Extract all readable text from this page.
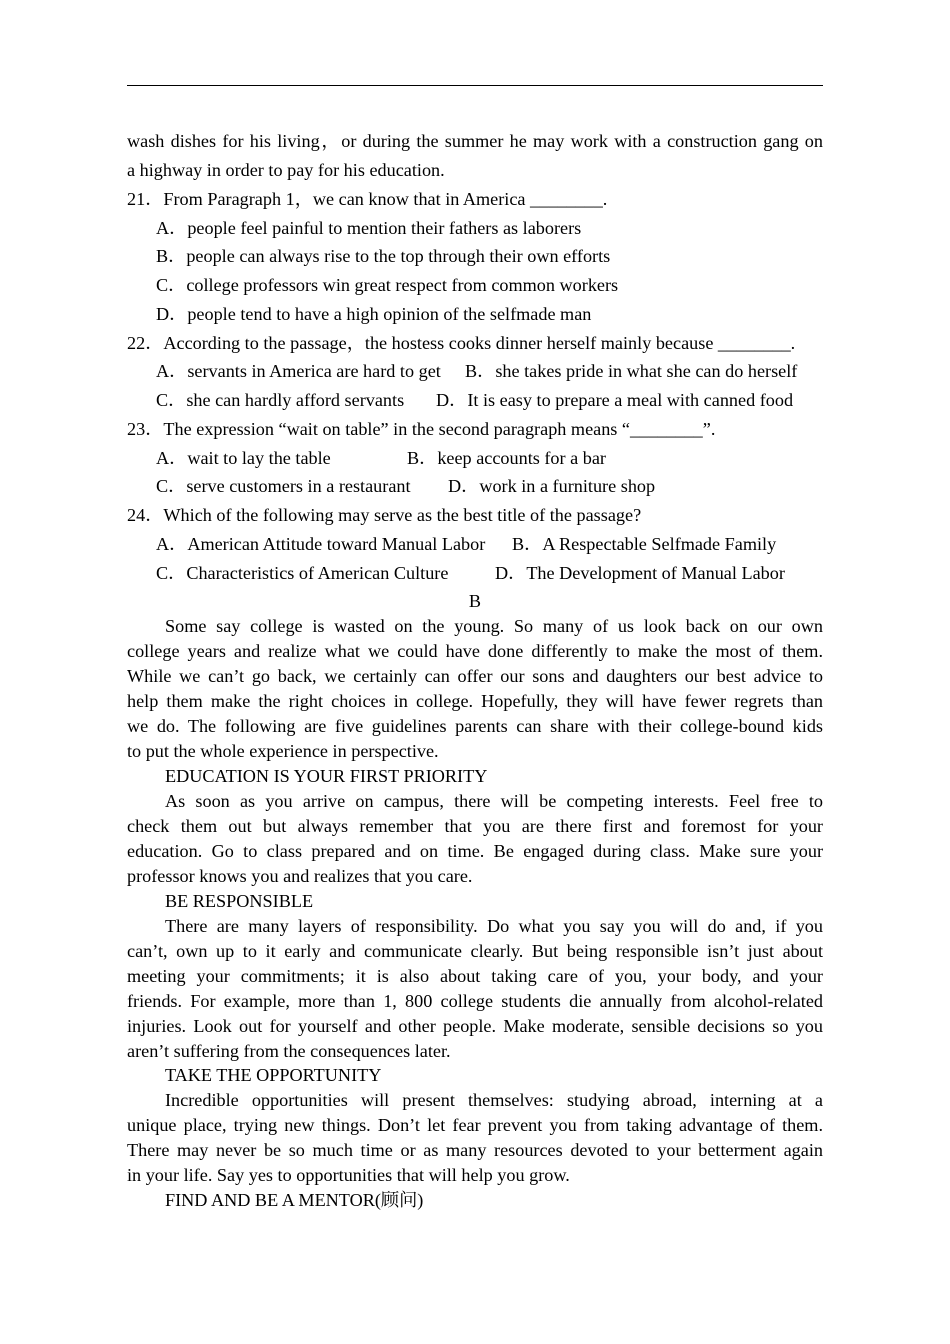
wash dishes for his living，or during the summer he may work with a construction gang on
a highway in order to pay for his education.
21．From Paragraph 1，we can know that in America ________.
A．people feel painful to mention their fathers as laborers
B．people can always rise to the top through their own efforts
C．college professors win great respect from common workers
D．people tend to have a high opinion of the selfmade man
22．According to the passage，the hostess cooks dinner herself mainly because ________.
A．servants in America are hard to get B．she takes pride in what she can do herself
C．she can hardly afford servants D．It is easy to prepare a meal with canned food
23．The expression “wait on table” in the second paragraph means “________”.
A．wait to lay the table	B．keep accounts for a bar
C．serve customers in a restaurant D．work in a furniture shop
24．Which of the following may serve as the best title of the passage?
A．American Attitude toward Manual Labor B．A Respectable Selfmade Family
C．Characteristics of American Culture	D．The Development of Manual Labor
B
Some say college is wasted on the young. So many of us look back on our own
college years and realize what we could have done differently to make the most of them.
While we can’t go back, we certainly can offer our sons and daughters our best advice to
help them make the right choices in college. Hopefully, they will have fewer regrets than
we do. The following are five guidelines parents can share with their college-bound kids
to put the whole experience in perspective.
EDUCATION IS YOUR FIRST PRIORITY
As soon as you arrive on campus, there will be competing interests. Feel free to
check them out but always remember that you are there first and foremost for your
education. Go to class prepared and on time. Be engaged during class. Make sure your
professor knows you and realizes that you care.
BE RESPONSIBLE
There are many layers of responsibility. Do what you say you will do and, if you
can’t, own up to it early and communicate clearly. But being responsible isn’t just about
meeting your commitments; it is also about taking care of you, your body, and your
friends. For example, more than 1, 800 college students die annually from alcohol-related
injuries. Look out for yourself and other people. Make moderate, sensible decisions so you
aren’t suffering from the consequences later.
TAKE THE OPPORTUNITY
Incredible opportunities will present themselves: studying abroad, interning at a
unique place, trying new things. Don’t let fear prevent you from taking advantage of them.
There may never be so much time or as many resources devoted to your betterment again
in your life. Say yes to opportunities that will help you grow.
FIND AND BE A MENTOR(顾问)
